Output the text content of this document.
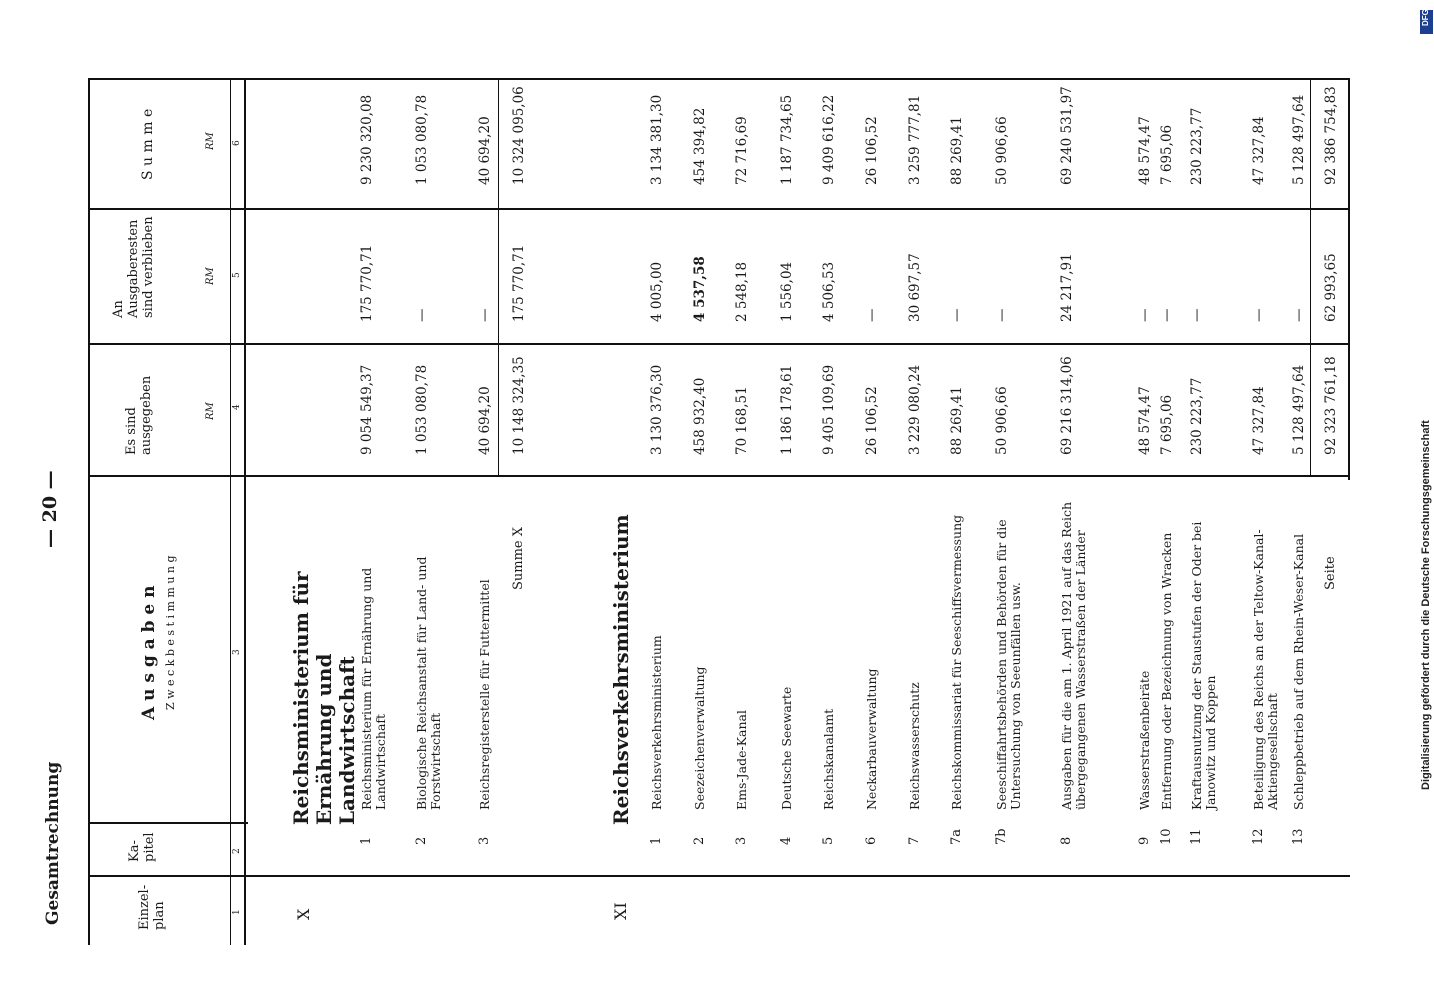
DFG
Digitalisierung gefördert durch die Deutsche Forschungsgemeinschaft
Gesamtrechnung
— 20 —
Einzel-
plan
Ka-
pitel
A u s g a b e n Z w e c k b e s t i m m u n g
Es sind
ausgegeben
An
Ausgaberesten
sind verblieben
S u m m e
RM
RM
RM
1
2
3
4
5
6
X
Reichsministerium für Ernährung und Landwirtschaft
1
Reichsministerium für Ernährung und Landwirtschaft
9 054 549,37
175 770,71
9 230 320,08
2
Biologische Reichsanstalt für Land- und Forstwirtschaft
1 053 080,78
—
1 053 080,78
3
Reichsregisterstelle für Futtermittel
40 694,20
—
40 694,20
Summe X
10 148 324,35
175 770,71
10 324 095,06
XI
Reichsverkehrsministerium
1
Reichsverkehrsministerium
3 130 376,30
4 005,00
3 134 381,30
2
Seezeichenverwaltung
458 932,40
4 537,58
454 394,82
3
Ems-Jade-Kanal
70 168,51
2 548,18
72 716,69
4
Deutsche Seewarte
1 186 178,61
1 556,04
1 187 734,65
5
Reichskanalamt
9 405 109,69
4 506,53
9 409 616,22
6
Neckarbauverwaltung
26 106,52
—
26 106,52
7
Reichswasserschutz
3 229 080,24
30 697,57
3 259 777,81
7a
Reichskommissariat für Seeschiffsvermessung
88 269,41
—
88 269,41
7b
Seeschiffahrtsbehörden und Behörden für die Untersuchung von Seeunfällen usw.
50 906,66
—
50 906,66
8
Ausgaben für die am 1. April 1921 auf das Reich übergegangenen Wasserstraßen der Länder
69 216 314,06
24 217,91
69 240 531,97
9
Wasserstraßenbeiräte
48 574,47
—
48 574,47
10
Entfernung oder Bezeichnung von Wracken
7 695,06
—
7 695,06
11
Kraftausnutzung der Staustufen der Oder bei Janowitz und Koppen
230 223,77
—
230 223,77
12
Beteiligung des Reichs an der Teltow-Kanal-Aktiengesellschaft
47 327,84
—
47 327,84
13
Schleppbetrieb auf dem Rhein-Weser-Kanal
5 128 497,64
—
5 128 497,64
Seite
92 323 761,18
62 993,65
92 386 754,83
